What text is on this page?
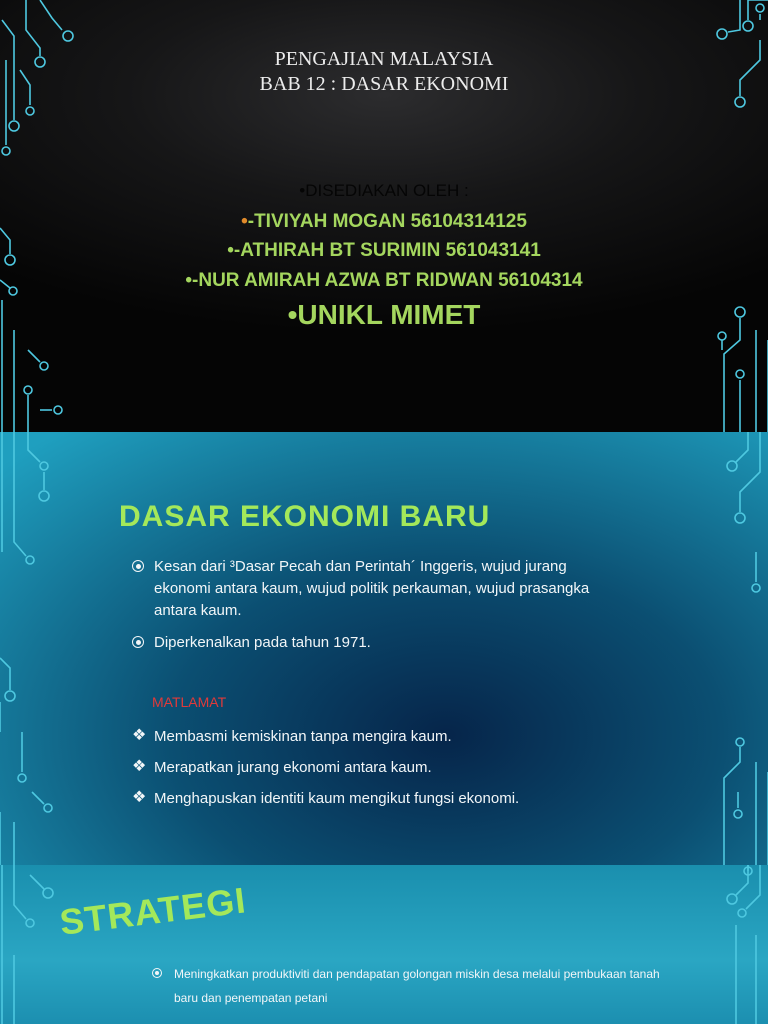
PENGAJIAN MALAYSIA
BAB 12 : DASAR EKONOMI
•DISEDIAKAN OLEH :
•-TIVIYAH MOGAN 56104314125
•-ATHIRAH BT SURIMIN 561043141
•-NUR AMIRAH AZWA BT RIDWAN 56104314
•UNIKL MIMET
DASAR EKONOMI BARU
Kesan dari ³Dasar Pecah dan Perintah´ Inggeris, wujud jurang ekonomi antara kaum, wujud politik perkauman, wujud prasangka antara kaum.
Diperkenalkan pada tahun 1971.
MATLAMAT
❖ Membasmi kemiskinan tanpa mengira kaum.
❖ Merapatkan jurang ekonomi antara kaum.
❖ Menghapuskan identiti kaum mengikut fungsi ekonomi.
STRATEGI
Meningkatkan produktiviti dan pendapatan golongan miskin desa melalui pembukaan tanah baru dan penempatan petani
